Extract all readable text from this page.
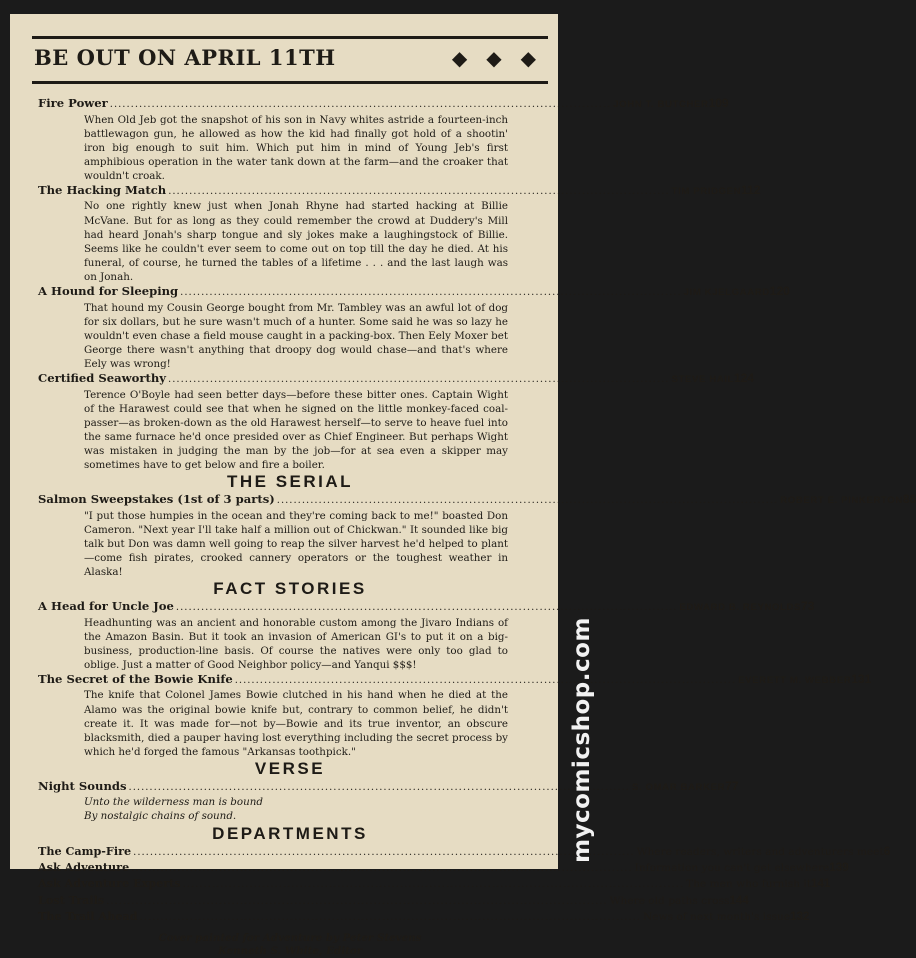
BE OUT ON APRIL 11TH	◆ ◆ ◆
Fire Power ........................................................................................................................ JOHN T. BUTCHER 109
When Old Jeb got the snapshot of his son in Navy whites astride a fourteen-inch battlewagon gun, he allowed as how the kid had finally got hold of a shootin' iron big enough to suit him. Which put him in mind of Young Jeb's first amphibious operation in the water tank down at the farm—and the croaker that wouldn't croak.
The Hacking Match ........................................................................................................................ TIM PRIDGEN 112
No one rightly knew just when Jonah Rhyne had started hacking at Billie McVane. But for as long as they could remember the crowd at Duddery's Mill had heard Jonah's sharp tongue and sly jokes make a laughingstock of Billie. Seems like he couldn't ever seem to come out on top till the day he died. At his funeral, of course, he turned the tables of a lifetime . . . and the last laugh was on Jonah.
A Hound for Sleeping ........................................................................................................................ JIM KJELGAARD 120
That hound my Cousin George bought from Mr. Tambley was an awful lot of dog for six dollars, but he sure wasn't much of a hunter. Some said he was so lazy he wouldn't even chase a field mouse caught in a packing-box. Then Eely Moxer bet George there wasn't anything that droopy dog would chase—and that's where Eely was wrong!
Certified Seaworthy ........................................................................................................................ STEVE HAIL 124
Terence O'Boyle had seen better days—before these bitter ones. Captain Wight of the Harawest could see that when he signed on the little monkey-faced coal-passer—as broken-down as the old Harawest herself—to serve to heave fuel into the same furnace he'd once presided over as Chief Engineer. But perhaps Wight was mistaken in judging the man by the job—for at sea even a skipper may sometimes have to get below and fire a boiler.
THE SERIAL
Salmon Sweepstakes (1st of 3 parts) ........................................................................................................................ ROBERT E. PINKERTON 86
"I put those humpies in the ocean and they're coming back to me!" boasted Don Cameron. "Next year I'll take half a million out of Chickwan." It sounded like big talk but Don was damn well going to reap the silver harvest he'd helped to plant—come fish pirates, crooked cannery operators or the toughest weather in Alaska!
FACT STORIES
A Head for Uncle Joe ........................................................................................................................ EDWARD B. REYNOLDS 73
Headhunting was an ancient and honorable custom among the Jivaro Indians of the Amazon Basin. But it took an invasion of American GI's to put it on a big-business, production-line basis. Of course the natives were only too glad to oblige. Just a matter of Good Neighbor policy—and Yanqui $$$!
The Secret of the Bowie Knife ........................................................................................................................ EVERETT M. WEBBER 131
The knife that Colonel James Bowie clutched in his hand when he died at the Alamo was the original bowie knife but, contrary to common belief, he didn't create it. It was made for—not by—Bowie and its true inventor, an obscure blacksmith, died a pauper having lost everything including the secret process by which he'd forged the famous "Arkansas toothpick."
VERSE
Night Sounds ........................................................................................................................ S. OMAR BARKER 77
Unto the wilderness man is bound
By nostalgic chains of sound.
DEPARTMENTS
The Camp-Fire ........................................................................................................................ Where readers, writers and adventurers meet 6
Ask Adventure ........................................................................................................................ Information you can't get elsewhere 139
Ask Adventure Experts ........................................................................................................................ The men who furnish it 141
Lost Trails ........................................................................................................................ Where old paths cross 144
The Trail Ahead ........................................................................................................................ News of next month's issue 132
Cover painted for Adventure by Peter Stevens
Kenneth S. White, Editor
mycomicshop.com
